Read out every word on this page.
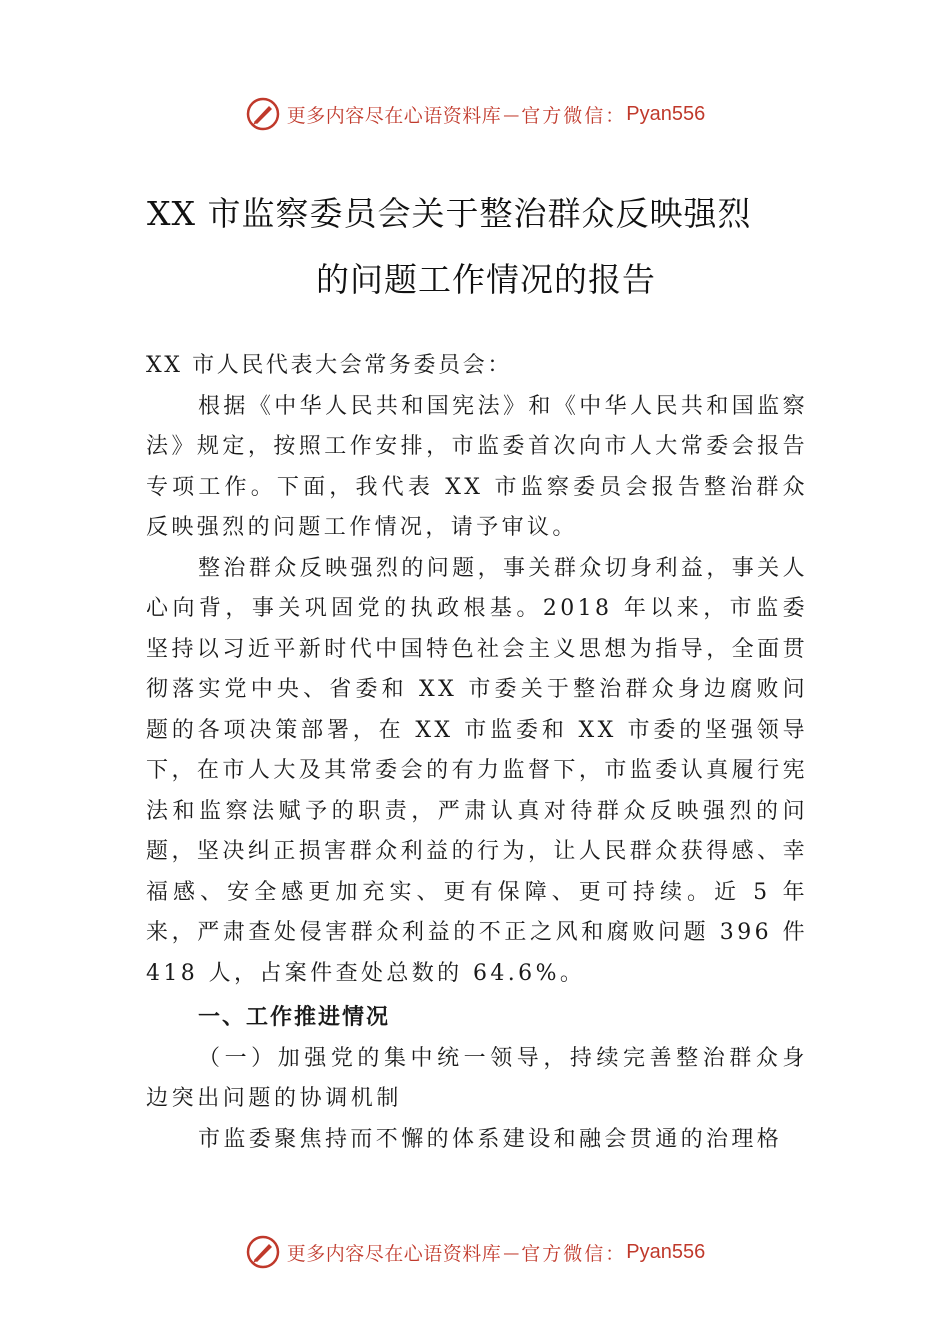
更多内容尽在心语资料库 — 官方微信： Pyan556
XX 市监察委员会关于整治群众反映强烈
的问题工作情况的报告

XX 市人民代表大会常务委员会：

根据《中华人民共和国宪法》和《中华人民共和国监察法》规定，按照工作安排，市监委首次向市人大常委会报告专项工作。下面，我代表 XX 市监察委员会报告整治群众反映强烈的问题工作情况，请予审议。

整治群众反映强烈的问题，事关群众切身利益，事关人心向背，事关巩固党的执政根基。2018 年以来，市监委坚持以习近平新时代中国特色社会主义思想为指导，全面贯彻落实党中央、省委和 XX 市委关于整治群众身边腐败问题的各项决策部署，在 XX 市监委和 XX 市委的坚强领导下，在市人大及其常委会的有力监督下，市监委认真履行宪法和监察法赋予的职责，严肃认真对待群众反映强烈的问题，坚决纠正损害群众利益的行为，让人民群众获得感、幸福感、安全感更加充实、更有保障、更可持续。近 5 年来，严肃查处侵害群众利益的不正之风和腐败问题 396 件 418 人，占案件查处总数的 64.6%。

一、工作推进情况

（一）加强党的集中统一领导，持续完善整治群众身边突出问题的协调机制

市监委聚焦持而不懈的体系建设和融会贯通的治理格

更多内容尽在心语资料库 — 官方微信： Pyan556
